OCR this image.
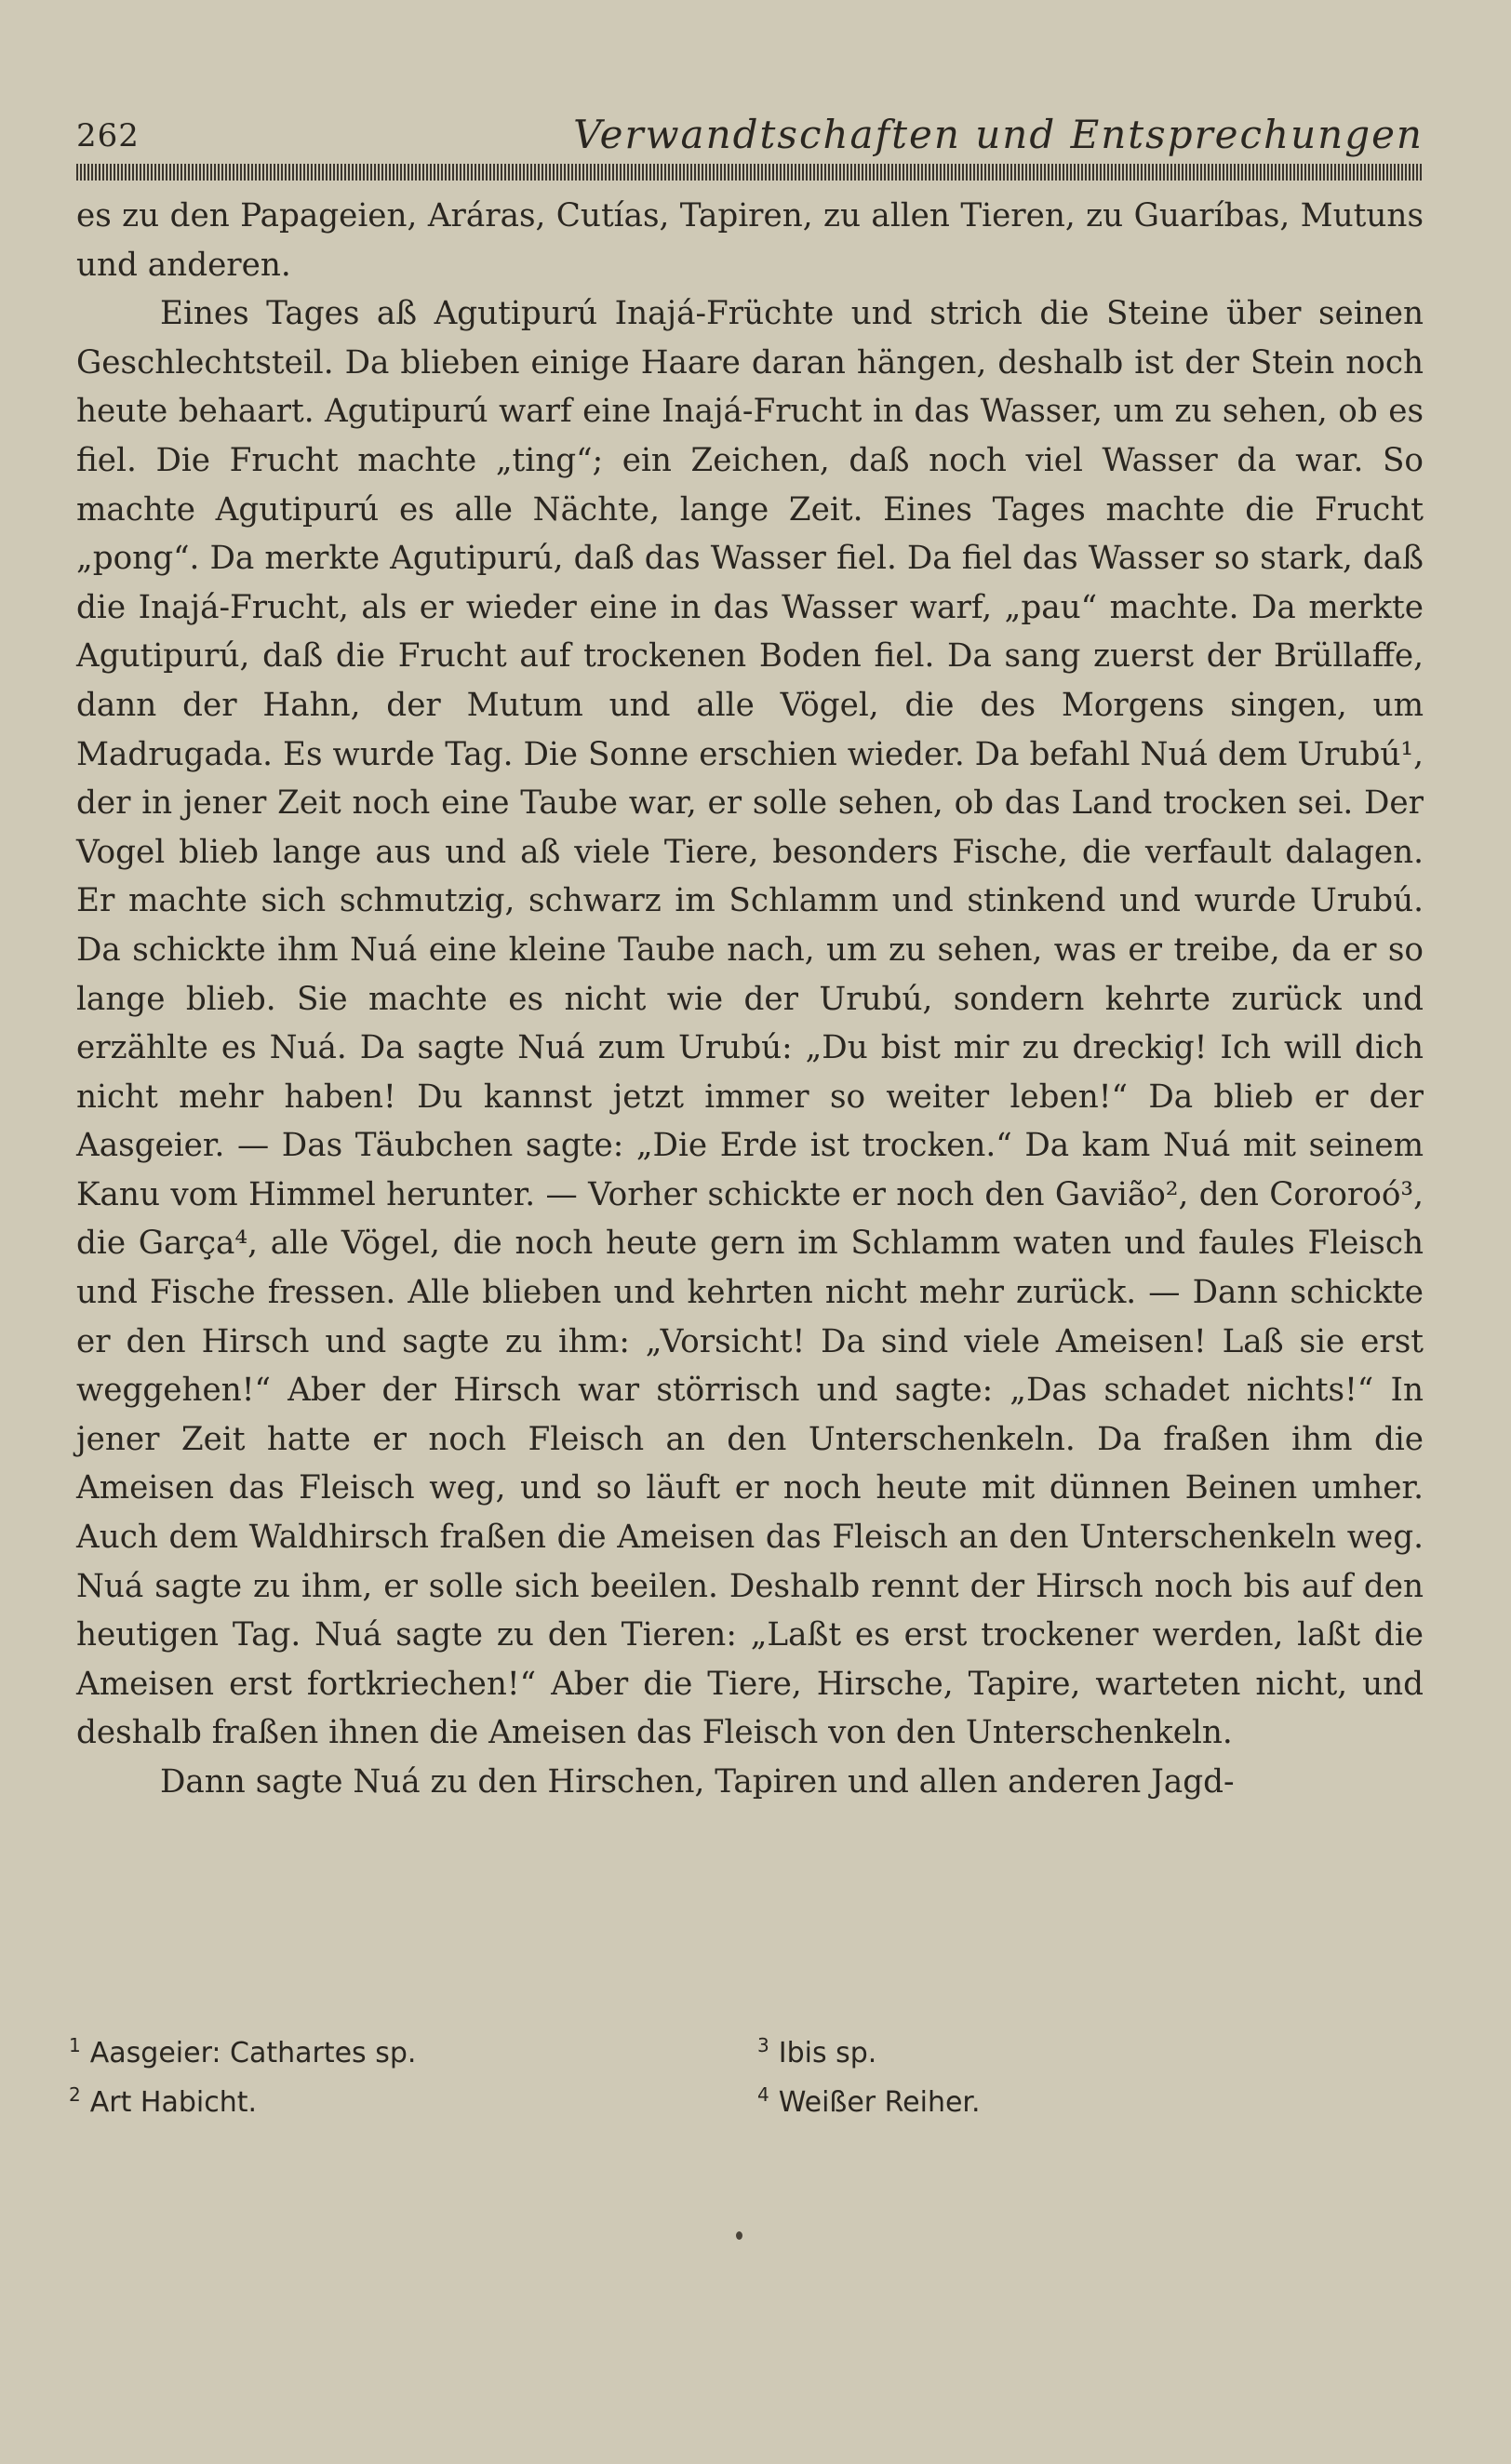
262	Verwandtschaften und Entsprechungen

es zu den Papageien, Aráras, Cutías, Tapiren, zu allen Tieren, zu Guaríbas, Mutuns und anderen.

Eines Tages aß Agutipurú Inajá-Früchte und strich die Steine über seinen Geschlechtsteil. Da blieben einige Haare daran hängen, deshalb ist der Stein noch heute behaart. Agutipurú warf eine Inajá-Frucht in das Wasser, um zu sehen, ob es fiel. Die Frucht machte „ting“; ein Zeichen, daß noch viel Wasser da war. So machte Agutipurú es alle Nächte, lange Zeit. Eines Tages machte die Frucht „pong“. Da merkte Agutipurú, daß das Wasser fiel. Da fiel das Wasser so stark, daß die Inajá-Frucht, als er wieder eine in das Wasser warf, „pau“ machte. Da merkte Agutipurú, daß die Frucht auf trockenen Boden fiel. Da sang zuerst der Brüllaffe, dann der Hahn, der Mutum und alle Vögel, die des Morgens singen, um Madrugada. Es wurde Tag. Die Sonne erschien wieder. Da befahl Nuá dem Urubú¹, der in jener Zeit noch eine Taube war, er solle sehen, ob das Land trocken sei. Der Vogel blieb lange aus und aß viele Tiere, besonders Fische, die verfault dalagen. Er machte sich schmutzig, schwarz im Schlamm und stinkend und wurde Urubú. Da schickte ihm Nuá eine kleine Taube nach, um zu sehen, was er treibe, da er so lange blieb. Sie machte es nicht wie der Urubú, sondern kehrte zurück und erzählte es Nuá. Da sagte Nuá zum Urubú: „Du bist mir zu dreckig! Ich will dich nicht mehr haben! Du kannst jetzt immer so weiter leben!“ Da blieb er der Aasgeier. — Das Täubchen sagte: „Die Erde ist trocken.“ Da kam Nuá mit seinem Kanu vom Himmel herunter. — Vorher schickte er noch den Gavião², den Cororoó³, die Garça⁴, alle Vögel, die noch heute gern im Schlamm waten und faules Fleisch und Fische fressen. Alle blieben und kehrten nicht mehr zurück. — Dann schickte er den Hirsch und sagte zu ihm: „Vorsicht! Da sind viele Ameisen! Laß sie erst weggehen!“ Aber der Hirsch war störrisch und sagte: „Das schadet nichts!“ In jener Zeit hatte er noch Fleisch an den Unterschenkeln. Da fraßen ihm die Ameisen das Fleisch weg, und so läuft er noch heute mit dünnen Beinen umher. Auch dem Waldhirsch fraßen die Ameisen das Fleisch an den Unterschenkeln weg. Nuá sagte zu ihm, er solle sich beeilen. Deshalb rennt der Hirsch noch bis auf den heutigen Tag. Nuá sagte zu den Tieren: „Laßt es erst trockener werden, laßt die Ameisen erst fortkriechen!“ Aber die Tiere, Hirsche, Tapire, warteten nicht, und deshalb fraßen ihnen die Ameisen das Fleisch von den Unterschenkeln.

Dann sagte Nuá zu den Hirschen, Tapiren und allen anderen Jagd-

$^1$ Aasgeier: Cathartes sp.
$^2$ Art Habicht.
$^3$ Ibis sp.
$^4$ Weißer Reiher.
